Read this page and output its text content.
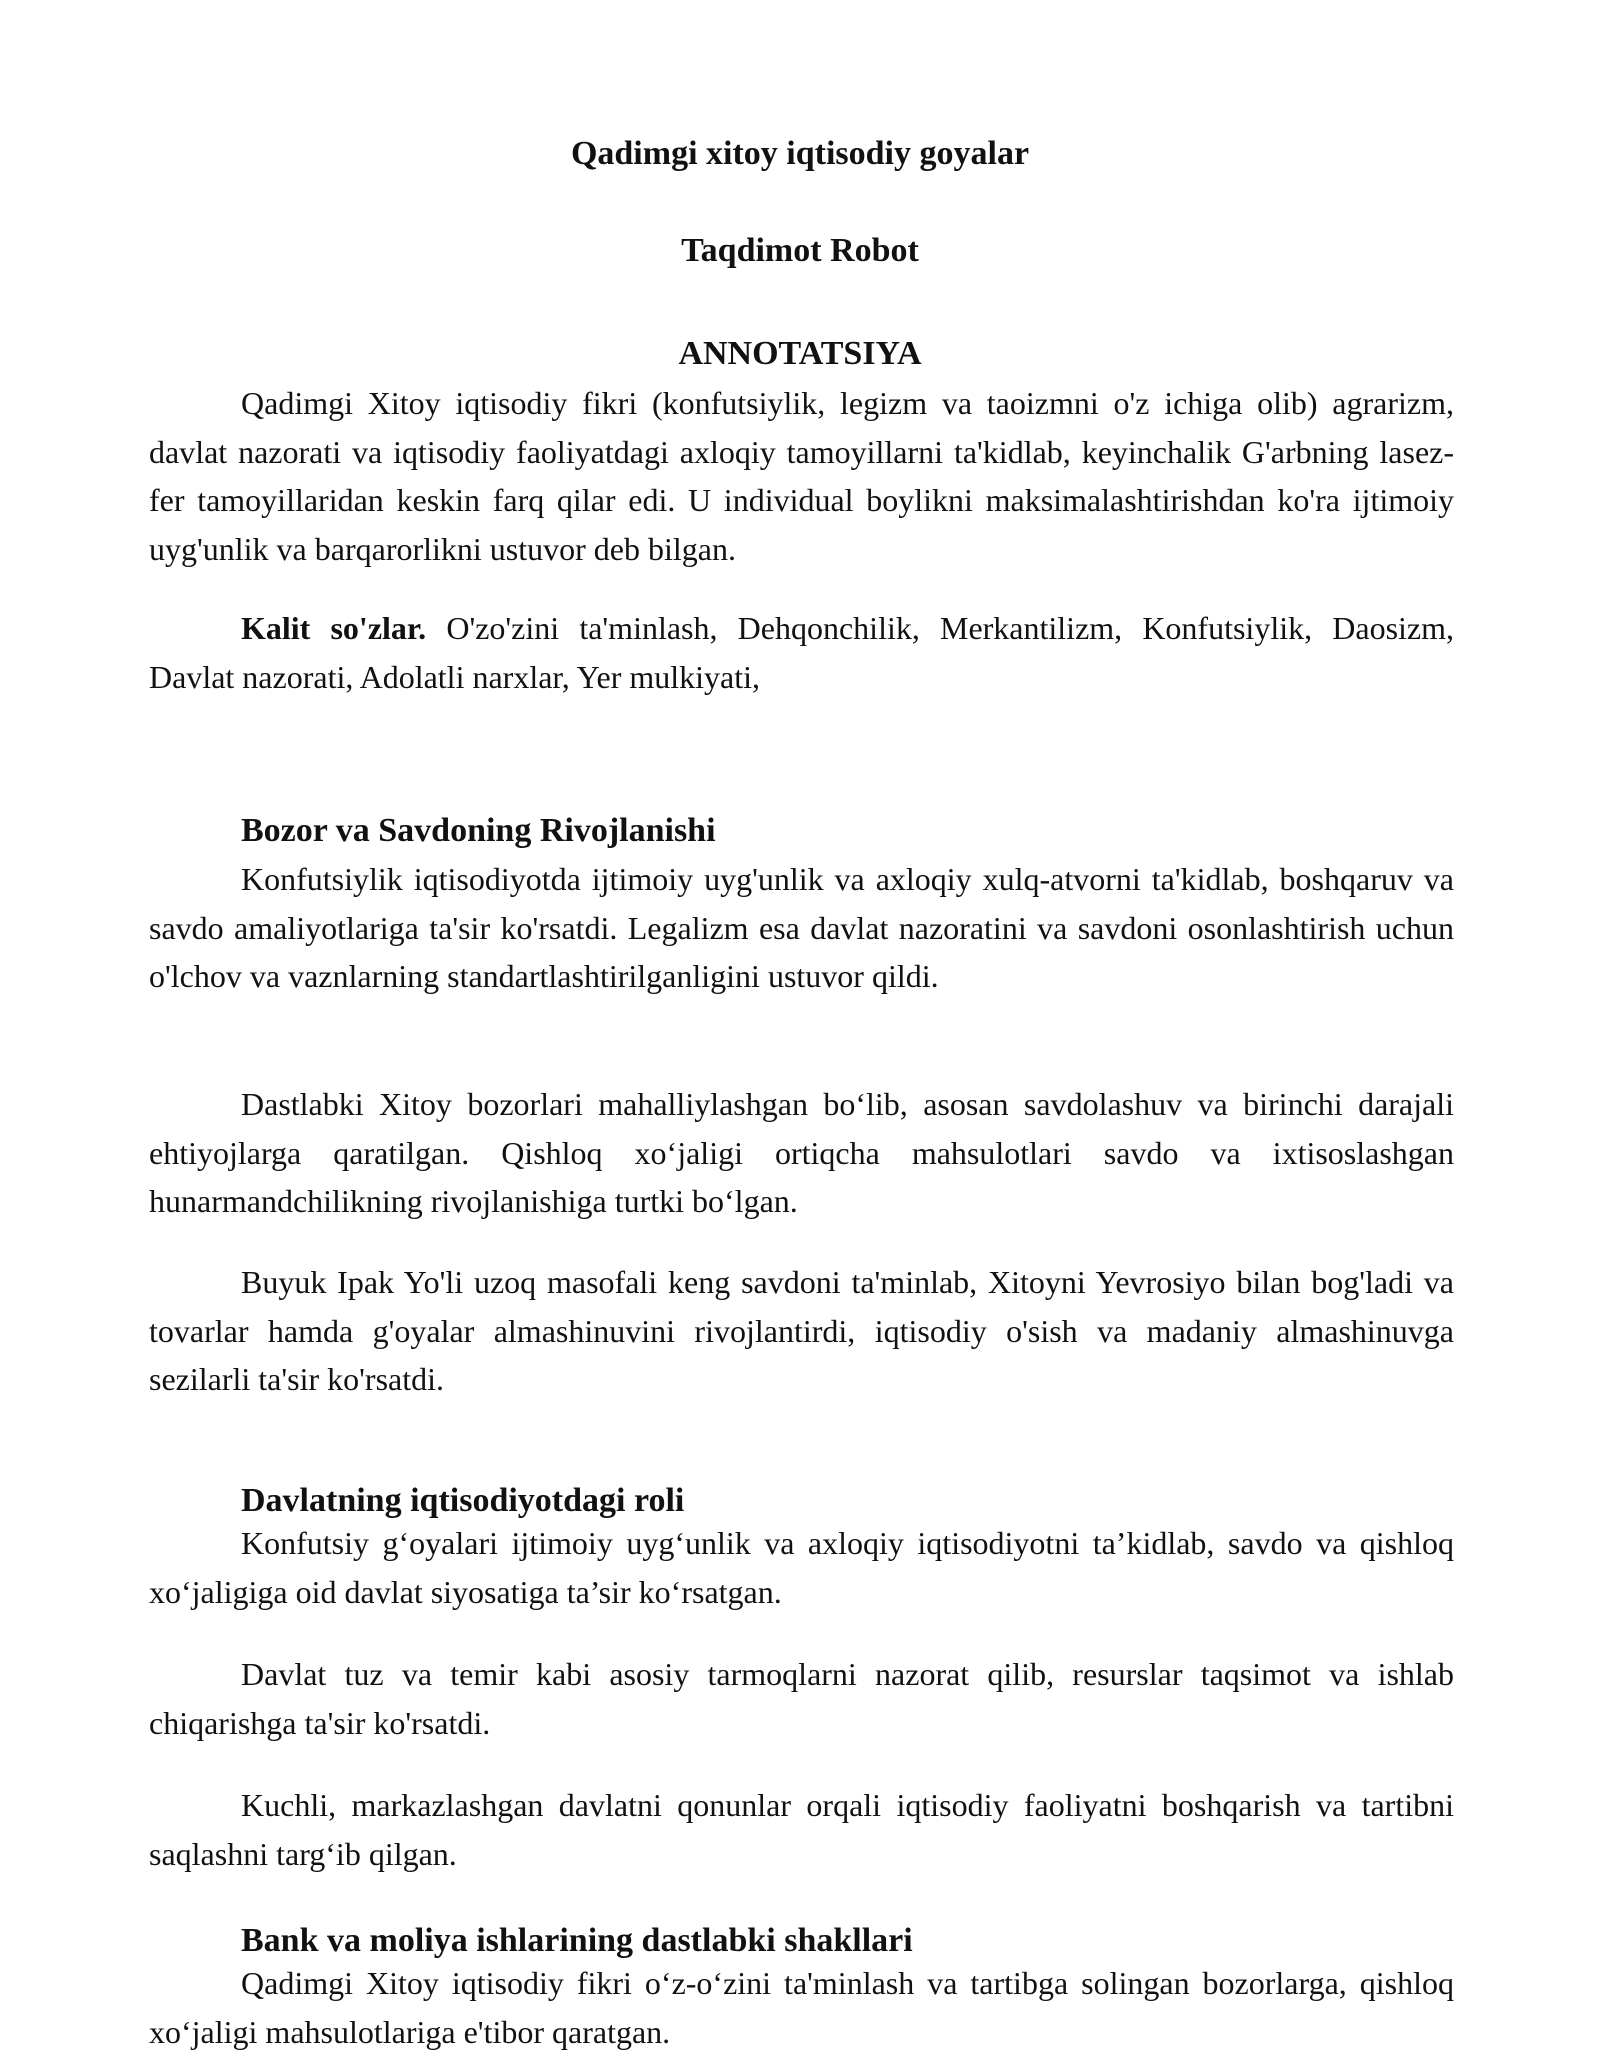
Qadimgi xitoy iqtisodiy goyalar
Taqdimot Robot
ANNOTATSIYA
Qadimgi Xitoy iqtisodiy fikri (konfutsiylik, legizm va taoizmni o'z ichiga olib) agrarizm, davlat nazorati va iqtisodiy faoliyatdagi axloqiy tamoyillarni ta'kidlab, keyinchalik G'arbning lasez-fer tamoyillaridan keskin farq qilar edi. U individual boylikni maksimalashtirishdan ko'ra ijtimoiy uyg'unlik va barqarorlikni ustuvor deb bilgan.
Kalit so'zlar. O'zo'zini ta'minlash, Dehqonchilik, Merkantilizm, Konfutsiylik, Daosizm, Davlat nazorati, Adolatli narxlar, Yer mulkiyati,
Bozor va Savdoning Rivojlanishi
Konfutsiylik iqtisodiyotda ijtimoiy uyg'unlik va axloqiy xulq-atvorni ta'kidlab, boshqaruv va savdo amaliyotlariga ta'sir ko'rsatdi. Legalizm esa davlat nazoratini va savdoni osonlashtirish uchun o'lchov va vaznlarning standartlashtirilganligini ustuvor qildi.
Dastlabki Xitoy bozorlari mahalliylashgan bo‘lib, asosan savdolashuv va birinchi darajali ehtiyojlarga qaratilgan. Qishloq xo‘jaligi ortiqcha mahsulotlari savdo va ixtisoslashgan hunarmandchilikning rivojlanishiga turtki bo‘lgan.
Buyuk Ipak Yo'li uzoq masofali keng savdoni ta'minlab, Xitoyni Yevrosiyo bilan bog'ladi va tovarlar hamda g'oyalar almashinuvini rivojlantirdi, iqtisodiy o'sish va madaniy almashinuvga sezilarli ta'sir ko'rsatdi.
Davlatning iqtisodiyotdagi roli
Konfutsiy g‘oyalari ijtimoiy uyg‘unlik va axloqiy iqtisodiyotni ta’kidlab, savdo va qishloq xo‘jaligiga oid davlat siyosatiga ta’sir ko‘rsatgan.
Davlat tuz va temir kabi asosiy tarmoqlarni nazorat qilib, resurslar taqsimot va ishlab chiqarishga ta'sir ko'rsatdi.
Kuchli, markazlashgan davlatni qonunlar orqali iqtisodiy faoliyatni boshqarish va tartibni saqlashni targ‘ib qilgan.
Bank va moliya ishlarining dastlabki shakllari
Qadimgi Xitoy iqtisodiy fikri o‘z-o‘zini ta'minlash va tartibga solingan bozorlarga, qishloq xo‘jaligi mahsulotlariga e'tibor qaratgan.
